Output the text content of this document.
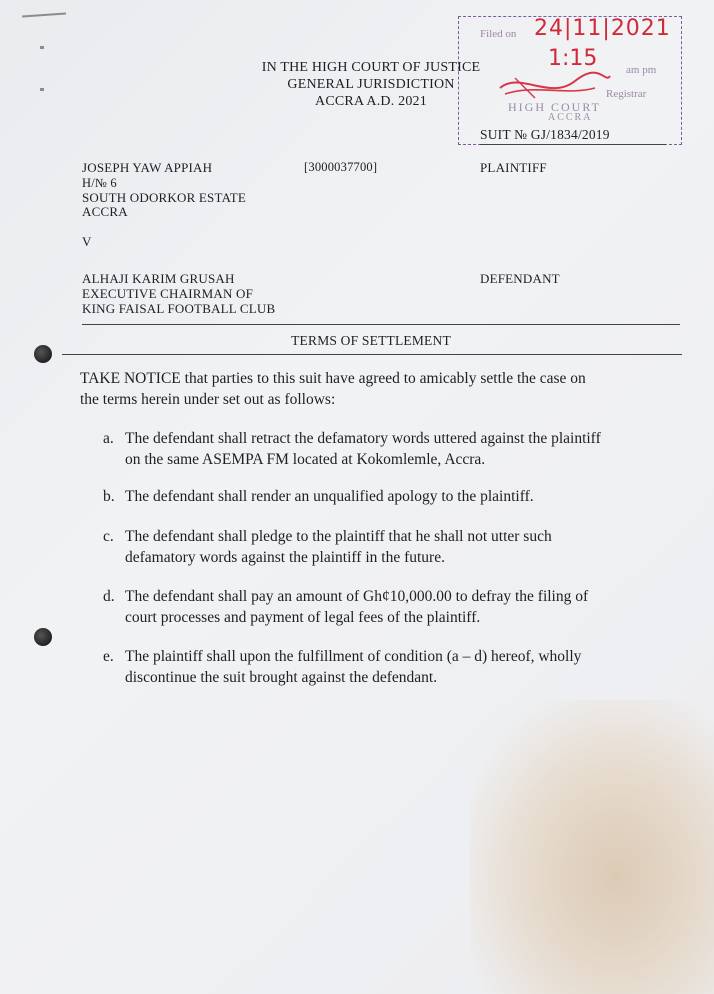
IN THE HIGH COURT OF JUSTICE
GENERAL JURISDICTION
ACCRA A.D. 2021
Filed on 24|11|2021
1:15	am pm
Registrar
HIGH COURT
ACCRA
SUIT № GJ/1834/2019
JOSEPH YAW APPIAH
H/№ 6
SOUTH ODORKOR ESTATE
ACCRA
[3000037700]	PLAINTIFF
V
ALHAJI KARIM GRUSAH
EXECUTIVE CHAIRMAN OF
KING FAISAL FOOTBALL CLUB
DEFENDANT
TERMS OF SETTLEMENT
TAKE NOTICE that parties to this suit have agreed to amicably settle the case on
the terms herein under set out as follows:
a. The defendant shall retract the defamatory words uttered against the plaintiff
on the same ASEMPA FM located at Kokomlemle, Accra.
b. The defendant shall render an unqualified apology to the plaintiff.
c. The defendant shall pledge to the plaintiff that he shall not utter such
defamatory words against the plaintiff in the future.
d. The defendant shall pay an amount of Gh¢10,000.00 to defray the filing of
court processes and payment of legal fees of the plaintiff.
e. The plaintiff shall upon the fulfillment of condition (a – d) hereof, wholly
discontinue the suit brought against the defendant.
